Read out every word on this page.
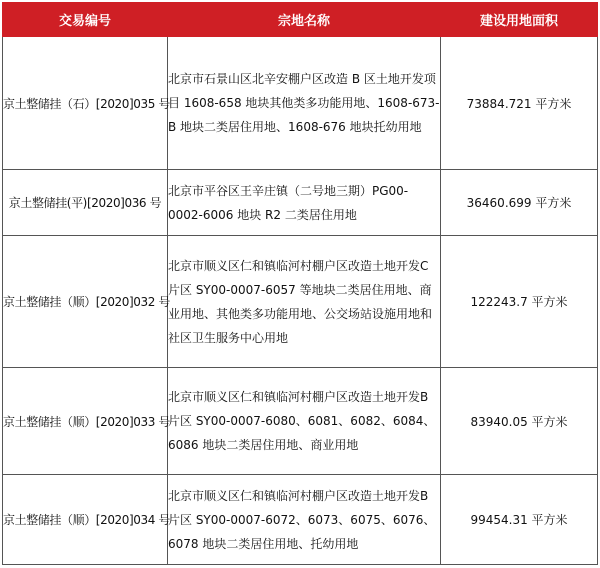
交易编号	宗地名称	建设用地面积
京土整储挂（石）[2020]035 号	北京市石景山区北辛安棚户区改造 B 区土地开发项目 1608-658 地块其他类多功能用地、1608-673-B 地块二类居住用地、1608-676 地块托幼用地	73884.721 平方米
京土整储挂(平)[2020]036 号	北京市平谷区王辛庄镇（二号地三期）PG00-0002-6006 地块 R2 二类居住用地	36460.699 平方米
京土整储挂（顺）[2020]032 号	北京市顺义区仁和镇临河村棚户区改造土地开发C 片区 SY00-0007-6057 等地块二类居住用地、商业用地、其他类多功能用地、公交场站设施用地和社区卫生服务中心用地	122243.7 平方米
京土整储挂（顺）[2020]033 号	北京市顺义区仁和镇临河村棚户区改造土地开发B 片区 SY00-0007-6080、6081、6082、6084、6086 地块二类居住用地、商业用地	83940.05 平方米
京土整储挂（顺）[2020]034 号	北京市顺义区仁和镇临河村棚户区改造土地开发B 片区 SY00-0007-6072、6073、6075、6076、6078 地块二类居住用地、托幼用地	99454.31 平方米
